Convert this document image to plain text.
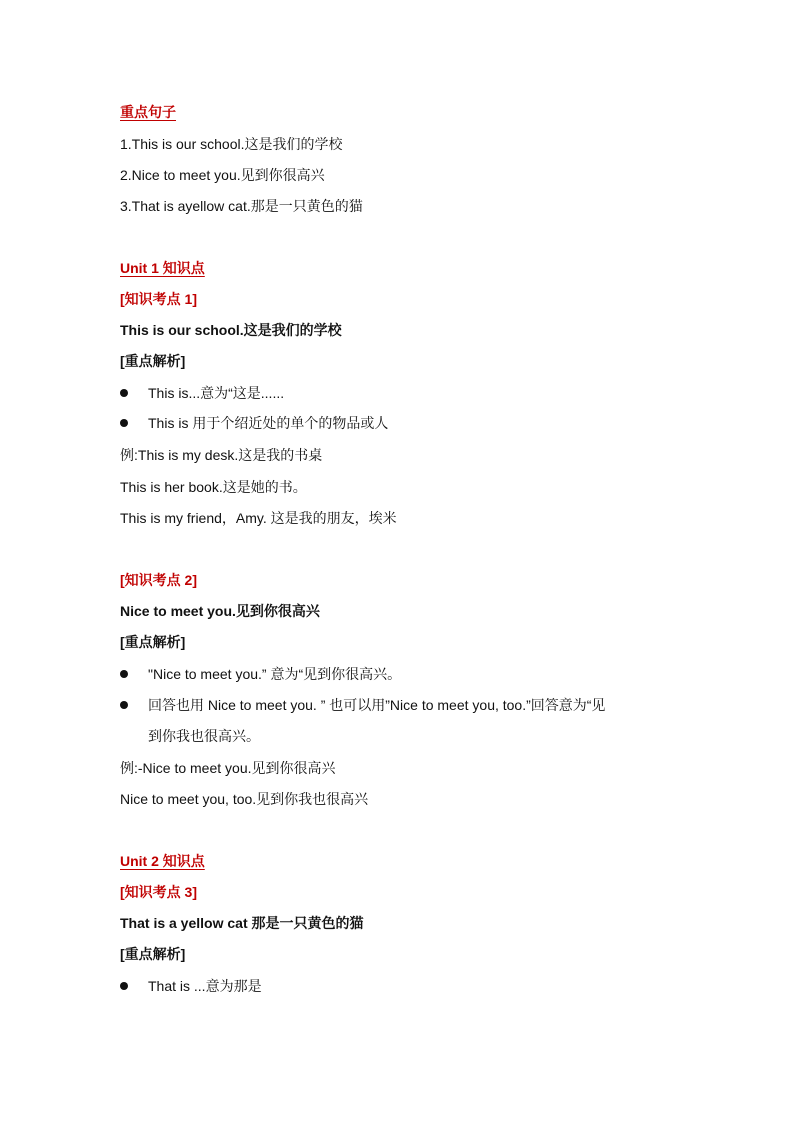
重点句子
1.This is our school.这是我们的学校
2.Nice to meet you.见到你很高兴
3.That is ayellow cat.那是一只黄色的猫
Unit 1 知识点
[知识考点 1]
This is our school.这是我们的学校
[重点解析]
This is...意为“这是......
This is 用于个绍近处的单个的物品或人
例:This is my desk.这是我的书桌
This is her book.这是她的书。
This is my friend，Amy. 这是我的朋友，埃米
[知识考点 2]
Nice to meet you.见到你很高兴
[重点解析]
"Nice to meet you.” 意为“见到你很高兴。
回答也用 Nice to meet you. ” 也可以用”Nice to meet you, too.”回答意为“见
到你我也很高兴。
例:-Nice to meet you.见到你很高兴
Nice to meet you, too.见到你我也很高兴
Unit 2 知识点
[知识考点 3]
That is a yellow cat 那是一只黄色的猫
[重点解析]
That is ...意为那是
